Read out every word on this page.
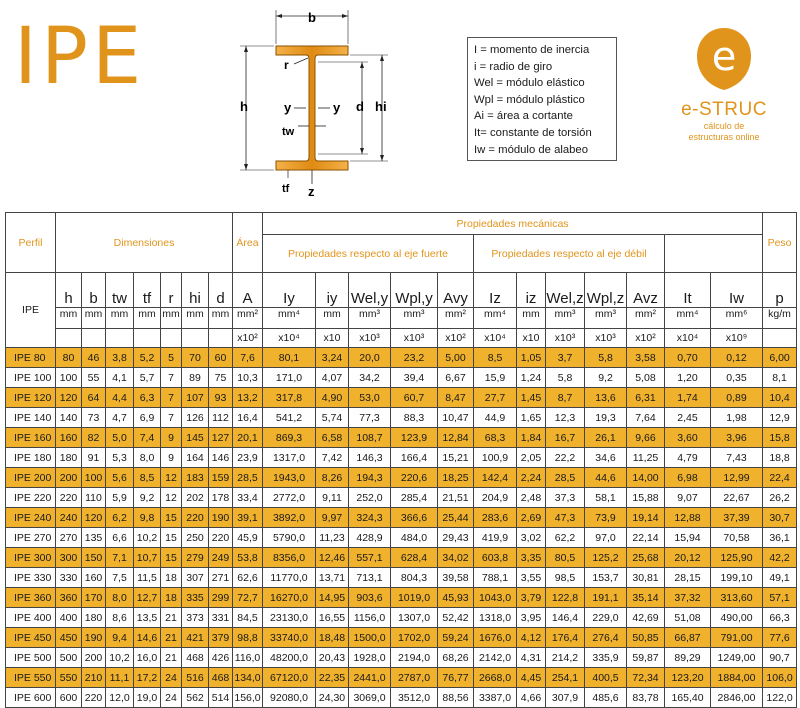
IPE	b
h	d hi
y	y
tw
r
tf z
I = momento de inercia
i = radio de giro
Wel = módulo elástico
Wpl = módulo plástico
Ai = área a cortante
It= constante de torsión
Iw = módulo de alabeo
e
e-STRUC
cálculo de
estructuras online
Perfil	Dimensiones							Área	Propiedades mecánicas												Peso
									Propiedades respecto al eje fuerte					Propiedades respecto al eje débil							
IPE	h	b	tw	tf	r	hi	d	A	Iy	iy	Wel,y	Wpl,y	Avy	Iz	iz	Wel,z	Wpl,z	Avz	It	Iw	p

	mm	mm	mm	mm	mm	mm	mm	mm²	mm⁴	mm	mm³	mm³	mm²	mm⁴	mm	mm³	mm³	mm²	mm⁴	mm⁶	kg/m
								x10²	x10⁴	x10	x10³	x10³	x10²	x10⁴	x10	x10³	x10³	x10²	x10⁴	x10⁹	
IPE 80	80	46	3,8	5,2	5	70	60	7,6	80,1	3,24	20,0	23,2	5,00	8,5	1,05	3,7	5,8	3,58	0,70	0,12	6,00
IPE 100	100	55	4,1	5,7	7	89	75	10,3	171,0	4,07	34,2	39,4	6,67	15,9	1,24	5,8	9,2	5,08	1,20	0,35	8,1
IPE 120	120	64	4,4	6,3	7	107	93	13,2	317,8	4,90	53,0	60,7	8,47	27,7	1,45	8,7	13,6	6,31	1,74	0,89	10,4
IPE 140	140	73	4,7	6,9	7	126	112	16,4	541,2	5,74	77,3	88,3	10,47	44,9	1,65	12,3	19,3	7,64	2,45	1,98	12,9
IPE 160	160	82	5,0	7,4	9	145	127	20,1	869,3	6,58	108,7	123,9	12,84	68,3	1,84	16,7	26,1	9,66	3,60	3,96	15,8
IPE 180	180	91	5,3	8,0	9	164	146	23,9	1317,0	7,42	146,3	166,4	15,21	100,9	2,05	22,2	34,6	11,25	4,79	7,43	18,8
IPE 200	200	100	5,6	8,5	12	183	159	28,5	1943,0	8,26	194,3	220,6	18,25	142,4	2,24	28,5	44,6	14,00	6,98	12,99	22,4
IPE 220	220	110	5,9	9,2	12	202	178	33,4	2772,0	9,11	252,0	285,4	21,51	204,9	2,48	37,3	58,1	15,88	9,07	22,67	26,2
IPE 240	240	120	6,2	9,8	15	220	190	39,1	3892,0	9,97	324,3	366,6	25,44	283,6	2,69	47,3	73,9	19,14	12,88	37,39	30,7
IPE 270	270	135	6,6	10,2	15	250	220	45,9	5790,0	11,23	428,9	484,0	29,43	419,9	3,02	62,2	97,0	22,14	15,94	70,58	36,1
IPE 300	300	150	7,1	10,7	15	279	249	53,8	8356,0	12,46	557,1	628,4	34,02	603,8	3,35	80,5	125,2	25,68	20,12	125,90	42,2
IPE 330	330	160	7,5	11,5	18	307	271	62,6	11770,0	13,71	713,1	804,3	39,58	788,1	3,55	98,5	153,7	30,81	28,15	199,10	49,1
IPE 360	360	170	8,0	12,7	18	335	299	72,7	16270,0	14,95	903,6	1019,0	45,93	1043,0	3,79	122,8	191,1	35,14	37,32	313,60	57,1
IPE 400	400	180	8,6	13,5	21	373	331	84,5	23130,0	16,55	1156,0	1307,0	52,42	1318,0	3,95	146,4	229,0	42,69	51,08	490,00	66,3
IPE 450	450	190	9,4	14,6	21	421	379	98,8	33740,0	18,48	1500,0	1702,0	59,24	1676,0	4,12	176,4	276,4	50,85	66,87	791,00	77,6
IPE 500	500	200	10,2	16,0	21	468	426	116,0	48200,0	20,43	1928,0	2194,0	68,26	2142,0	4,31	214,2	335,9	59,87	89,29	1249,00	90,7
IPE 550	550	210	11,1	17,2	24	516	468	134,0	67120,0	22,35	2441,0	2787,0	76,77	2668,0	4,45	254,1	400,5	72,34	123,20	1884,00	106,0
IPE 600	600	220	12,0	19,0	24	562	514	156,0	92080,0	24,30	3069,0	3512,0	88,56	3387,0	4,66	307,9	485,6	83,78	165,40	2846,00	122,0
